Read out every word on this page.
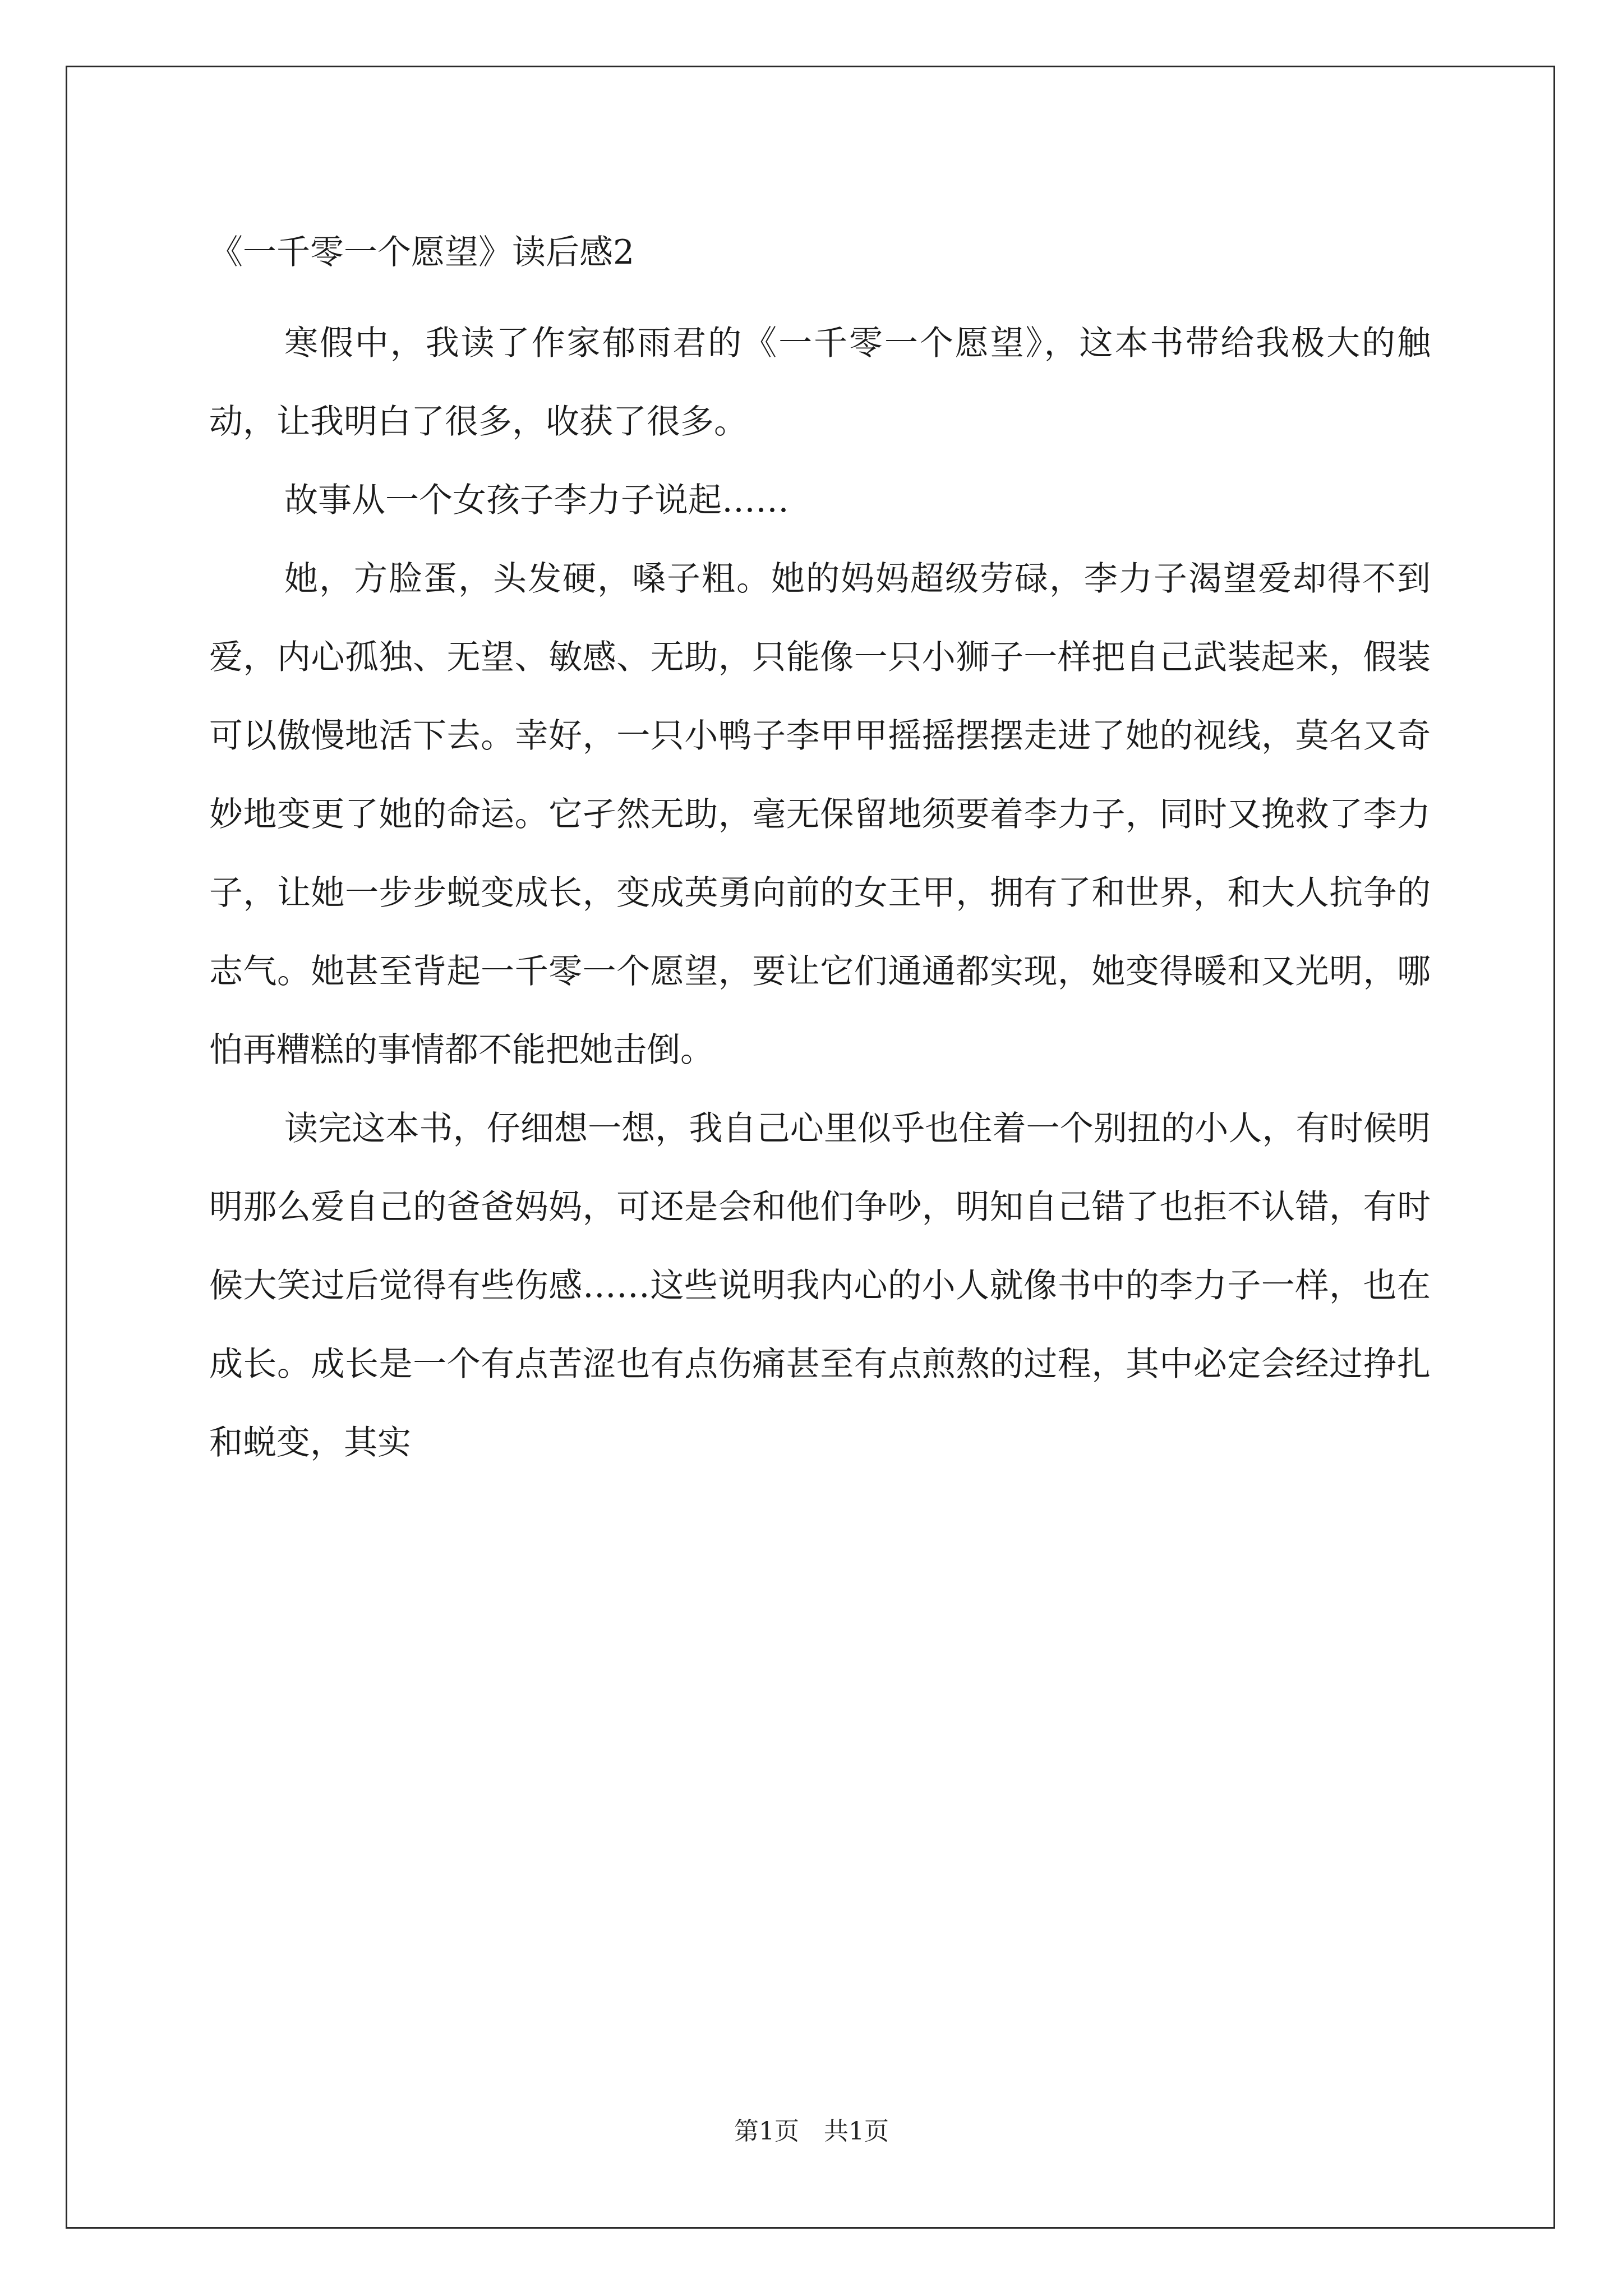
《一千零一个愿望》读后感2

寒假中，我读了作家郁雨君的《一千零一个愿望》，这本书带给我极大的触动，让我明白了很多，收获了很多。

故事从一个女孩子李力子说起……

她，方脸蛋，头发硬，嗓子粗。她的妈妈超级劳碌，李力子渴望爱却得不到爱，内心孤独、无望、敏感、无助，只能像一只小狮子一样把自己武装起来，假装可以傲慢地活下去。幸好，一只小鸭子李甲甲摇摇摆摆走进了她的视线，莫名又奇妙地变更了她的命运。它孑然无助，毫无保留地须要着李力子，同时又挽救了李力子，让她一步步蜕变成长，变成英勇向前的女王甲，拥有了和世界，和大人抗争的志气。她甚至背起一千零一个愿望，要让它们通通都实现，她变得暖和又光明，哪怕再糟糕的事情都不能把她击倒。

读完这本书，仔细想一想，我自己心里似乎也住着一个别扭的小人，有时候明明那么爱自己的爸爸妈妈，可还是会和他们争吵，明知自己错了也拒不认错，有时候大笑过后觉得有些伤感……这些说明我内心的小人就像书中的李力子一样，也在成长。成长是一个有点苦涩也有点伤痛甚至有点煎熬的过程，其中必定会经过挣扎和蜕变，其实

第1页　共1页
